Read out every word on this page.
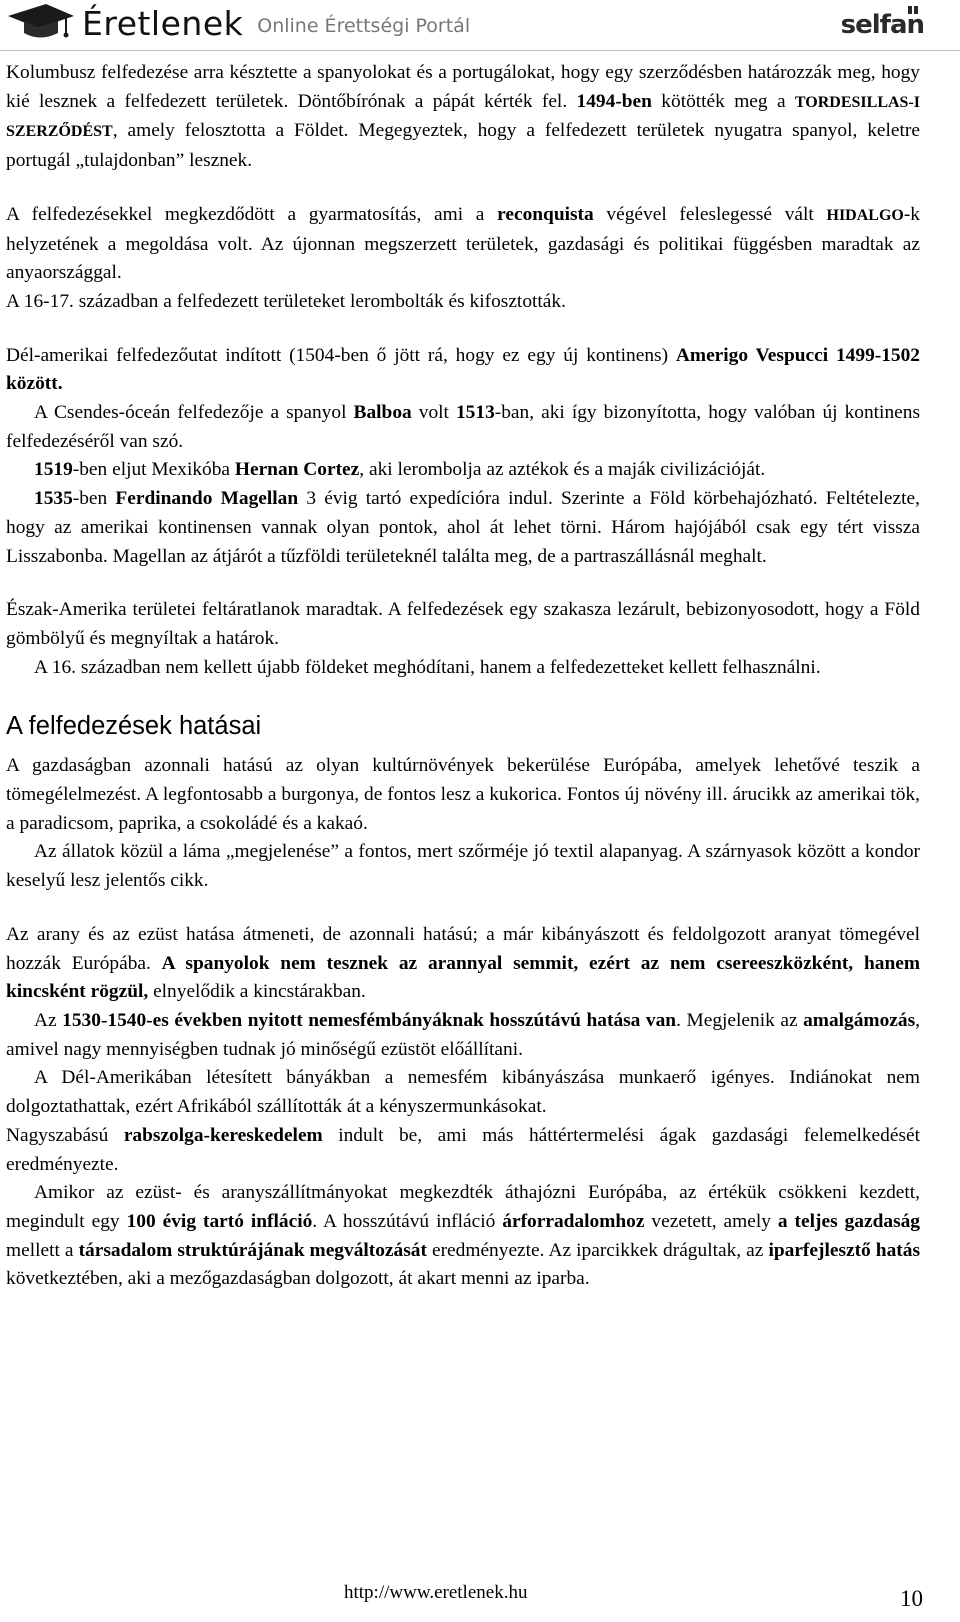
Éretlenek Online Érettségi Portál	selfan

Kolumbusz felfedezése arra késztette a spanyolokat és a portugálokat, hogy egy szerződésben határozzák meg, hogy kié lesznek a felfedezett területek. Döntőbírónak a pápát kérték fel. 1494-ben kötötték meg a TORDESILLAS-I SZERZŐDÉST, amely felosztotta a Földet. Megegyeztek, hogy a felfedezett területek nyugatra spanyol, keletre portugál „tulajdonban” lesznek.

A felfedezésekkel megkezdődött a gyarmatosítás, ami a reconquista végével feleslegessé vált HIDALGO-k helyzetének a megoldása volt. Az újonnan megszerzett területek, gazdasági és politikai függésben maradtak az anyaországgal.

A 16-17. században a felfedezett területeket lerombolták és kifosztották.

Dél-amerikai felfedezőutat indított (1504-ben ő jött rá, hogy ez egy új kontinens) Amerigo Vespucci 1499-1502 között.

A Csendes-óceán felfedezője a spanyol Balboa volt 1513-ban, aki így bizonyította, hogy valóban új kontinens felfedezéséről van szó.

1519-ben eljut Mexikóba Hernan Cortez, aki lerombolja az aztékok és a maják civilizációját.

1535-ben Ferdinando Magellan 3 évig tartó expedícióra indul. Szerinte a Föld körbehajózható. Feltételezte, hogy az amerikai kontinensen vannak olyan pontok, ahol át lehet törni. Három hajójából csak egy tért vissza Lisszabonba. Magellan az átjárót a tűzföldi területeknél találta meg, de a partraszállásnál meghalt.

Észak-Amerika területei feltáratlanok maradtak. A felfedezések egy szakasza lezárult, bebizonyosodott, hogy a Föld gömbölyű és megnyíltak a határok.

A 16. században nem kellett újabb földeket meghódítani, hanem a felfedezetteket kellett felhasználni.

A felfedezések hatásai

A gazdaságban azonnali hatású az olyan kultúrnövények bekerülése Európába, amelyek lehetővé teszik a tömegélelmezést. A legfontosabb a burgonya, de fontos lesz a kukorica. Fontos új növény ill. árucikk az amerikai tök, a paradicsom, paprika, a csokoládé és a kakaó.

Az állatok közül a láma „megjelenése” a fontos, mert szőrméje jó textil alapanyag. A szárnyasok között a kondor keselyű lesz jelentős cikk.

Az arany és az ezüst hatása átmeneti, de azonnali hatású; a már kibányászott és feldolgozott aranyat tömegével hozzák Európába. A spanyolok nem tesznek az arannyal semmit, ezért az nem csereeszközként, hanem kincsként rögzül, elnyelődik a kincstárakban.

Az 1530-1540-es években nyitott nemesfémbányáknak hosszútávú hatása van. Megjelenik az amalgámozás, amivel nagy mennyiségben tudnak jó minőségű ezüstöt előállítani.

A Dél-Amerikában létesített bányákban a nemesfém kibányászása munkaerő igényes. Indiánokat nem dolgoztathattak, ezért Afrikából szállították át a kényszermunkásokat.

Nagyszabású rabszolga-kereskedelem indult be, ami más háttértermelési ágak gazdasági felemelkedését eredményezte.

Amikor az ezüst- és aranyszállítmányokat megkezdték áthajózni Európába, az értékük csökkeni kezdett, megindult egy 100 évig tartó infláció. A hosszútávú infláció árforradalomhoz vezetett, amely a teljes gazdaság mellett a társadalom struktúrájának megváltozását eredményezte. Az iparcikkek drágultak, az iparfejlesztő hatás következtében, aki a mezőgazdaságban dolgozott, át akart menni az iparba.

http://www.eretlenek.hu	10
